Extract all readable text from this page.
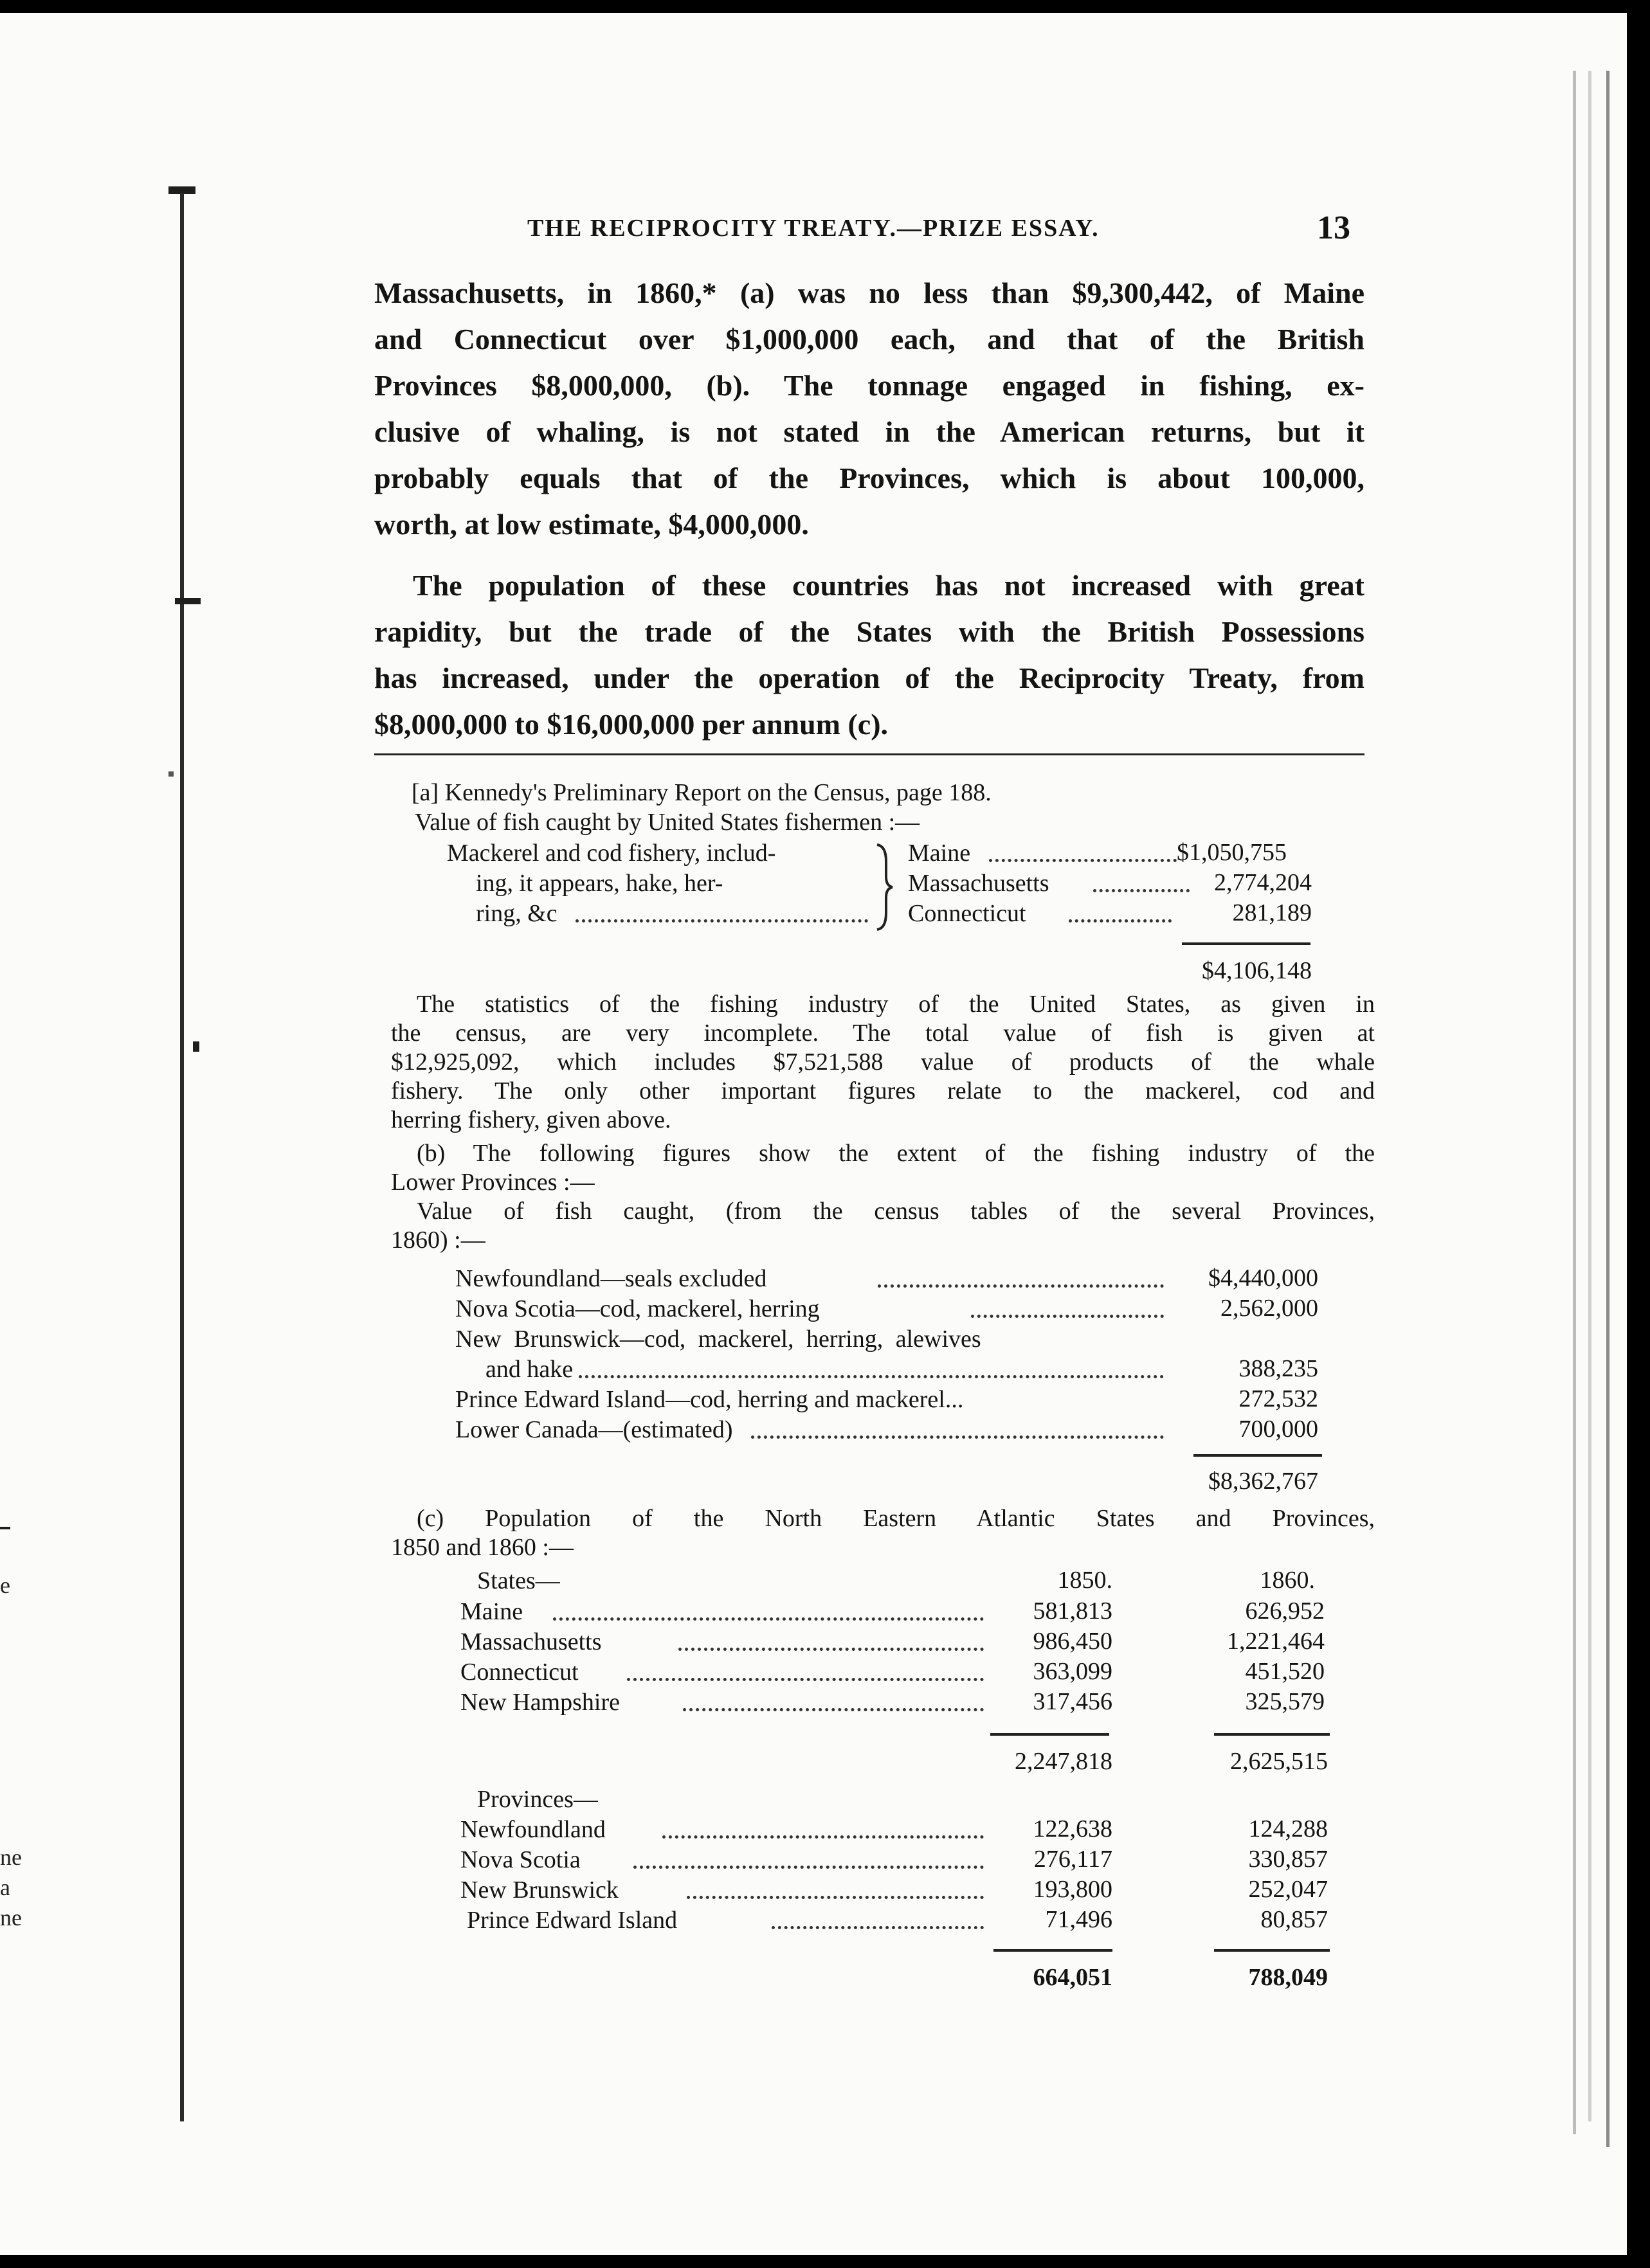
e
ne
a
ne
THE RECIPROCITY TREATY.—PRIZE ESSAY.	13
Massachusetts, in 1860,* (a) was no less than $9,300,442, of Maine
and Connecticut over $1,000,000 each, and that of the British
Provinces $8,000,000, (b). The tonnage engaged in fishing, ex-
clusive of whaling, is not stated in the American returns, but it
probably equals that of the Provinces, which is about 100,000,
worth, at low estimate, $4,000,000.
The population of these countries has not increased with great
rapidity, but the trade of the States with the British Possessions
has increased, under the operation of the Reciprocity Treaty, from
$8,000,000 to $16,000,000 per annum (c).
[a] Kennedy's Preliminary Report on the Census, page 188.
Value of fish caught by United States fishermen :—
Mackerel and cod fishery, includ-
ing, it appears, hake, her-
ring, &c
Maine	$1,050,755
Massachusetts	2,774,204
Connecticut	281,189
$4,106,148
The statistics of the fishing industry of the United States, as given in
the census, are very incomplete. The total value of fish is given at
$12,925,092, which includes $7,521,588 value of products of the whale
fishery. The only other important figures relate to the mackerel, cod and
herring fishery, given above.
(b) The following figures show the extent of the fishing industry of the
Lower Provinces :—
Value of fish caught, (from the census tables of the several Provinces,
1860) :—
Newfoundland—seals excluded	$4,440,000
Nova Scotia—cod, mackerel, herring	2,562,000
New Brunswick—cod, mackerel, herring, alewives
and hake	388,235
Prince Edward Island—cod, herring and mackerel...	272,532
Lower Canada—(estimated)	700,000
$8,362,767
(c) Population of the North Eastern Atlantic States and Provinces,
1850 and 1860 :—
States—	1850.	1860.
Maine	581,813	626,952
Massachusetts	986,450	1,221,464
Connecticut	363,099	451,520
New Hampshire	317,456	325,579
2,247,818	2,625,515
Provinces—
Newfoundland	122,638	124,288
Nova Scotia	276,117	330,857
New Brunswick	193,800	252,047
Prince Edward Island	71,496	80,857
664,051	788,049
